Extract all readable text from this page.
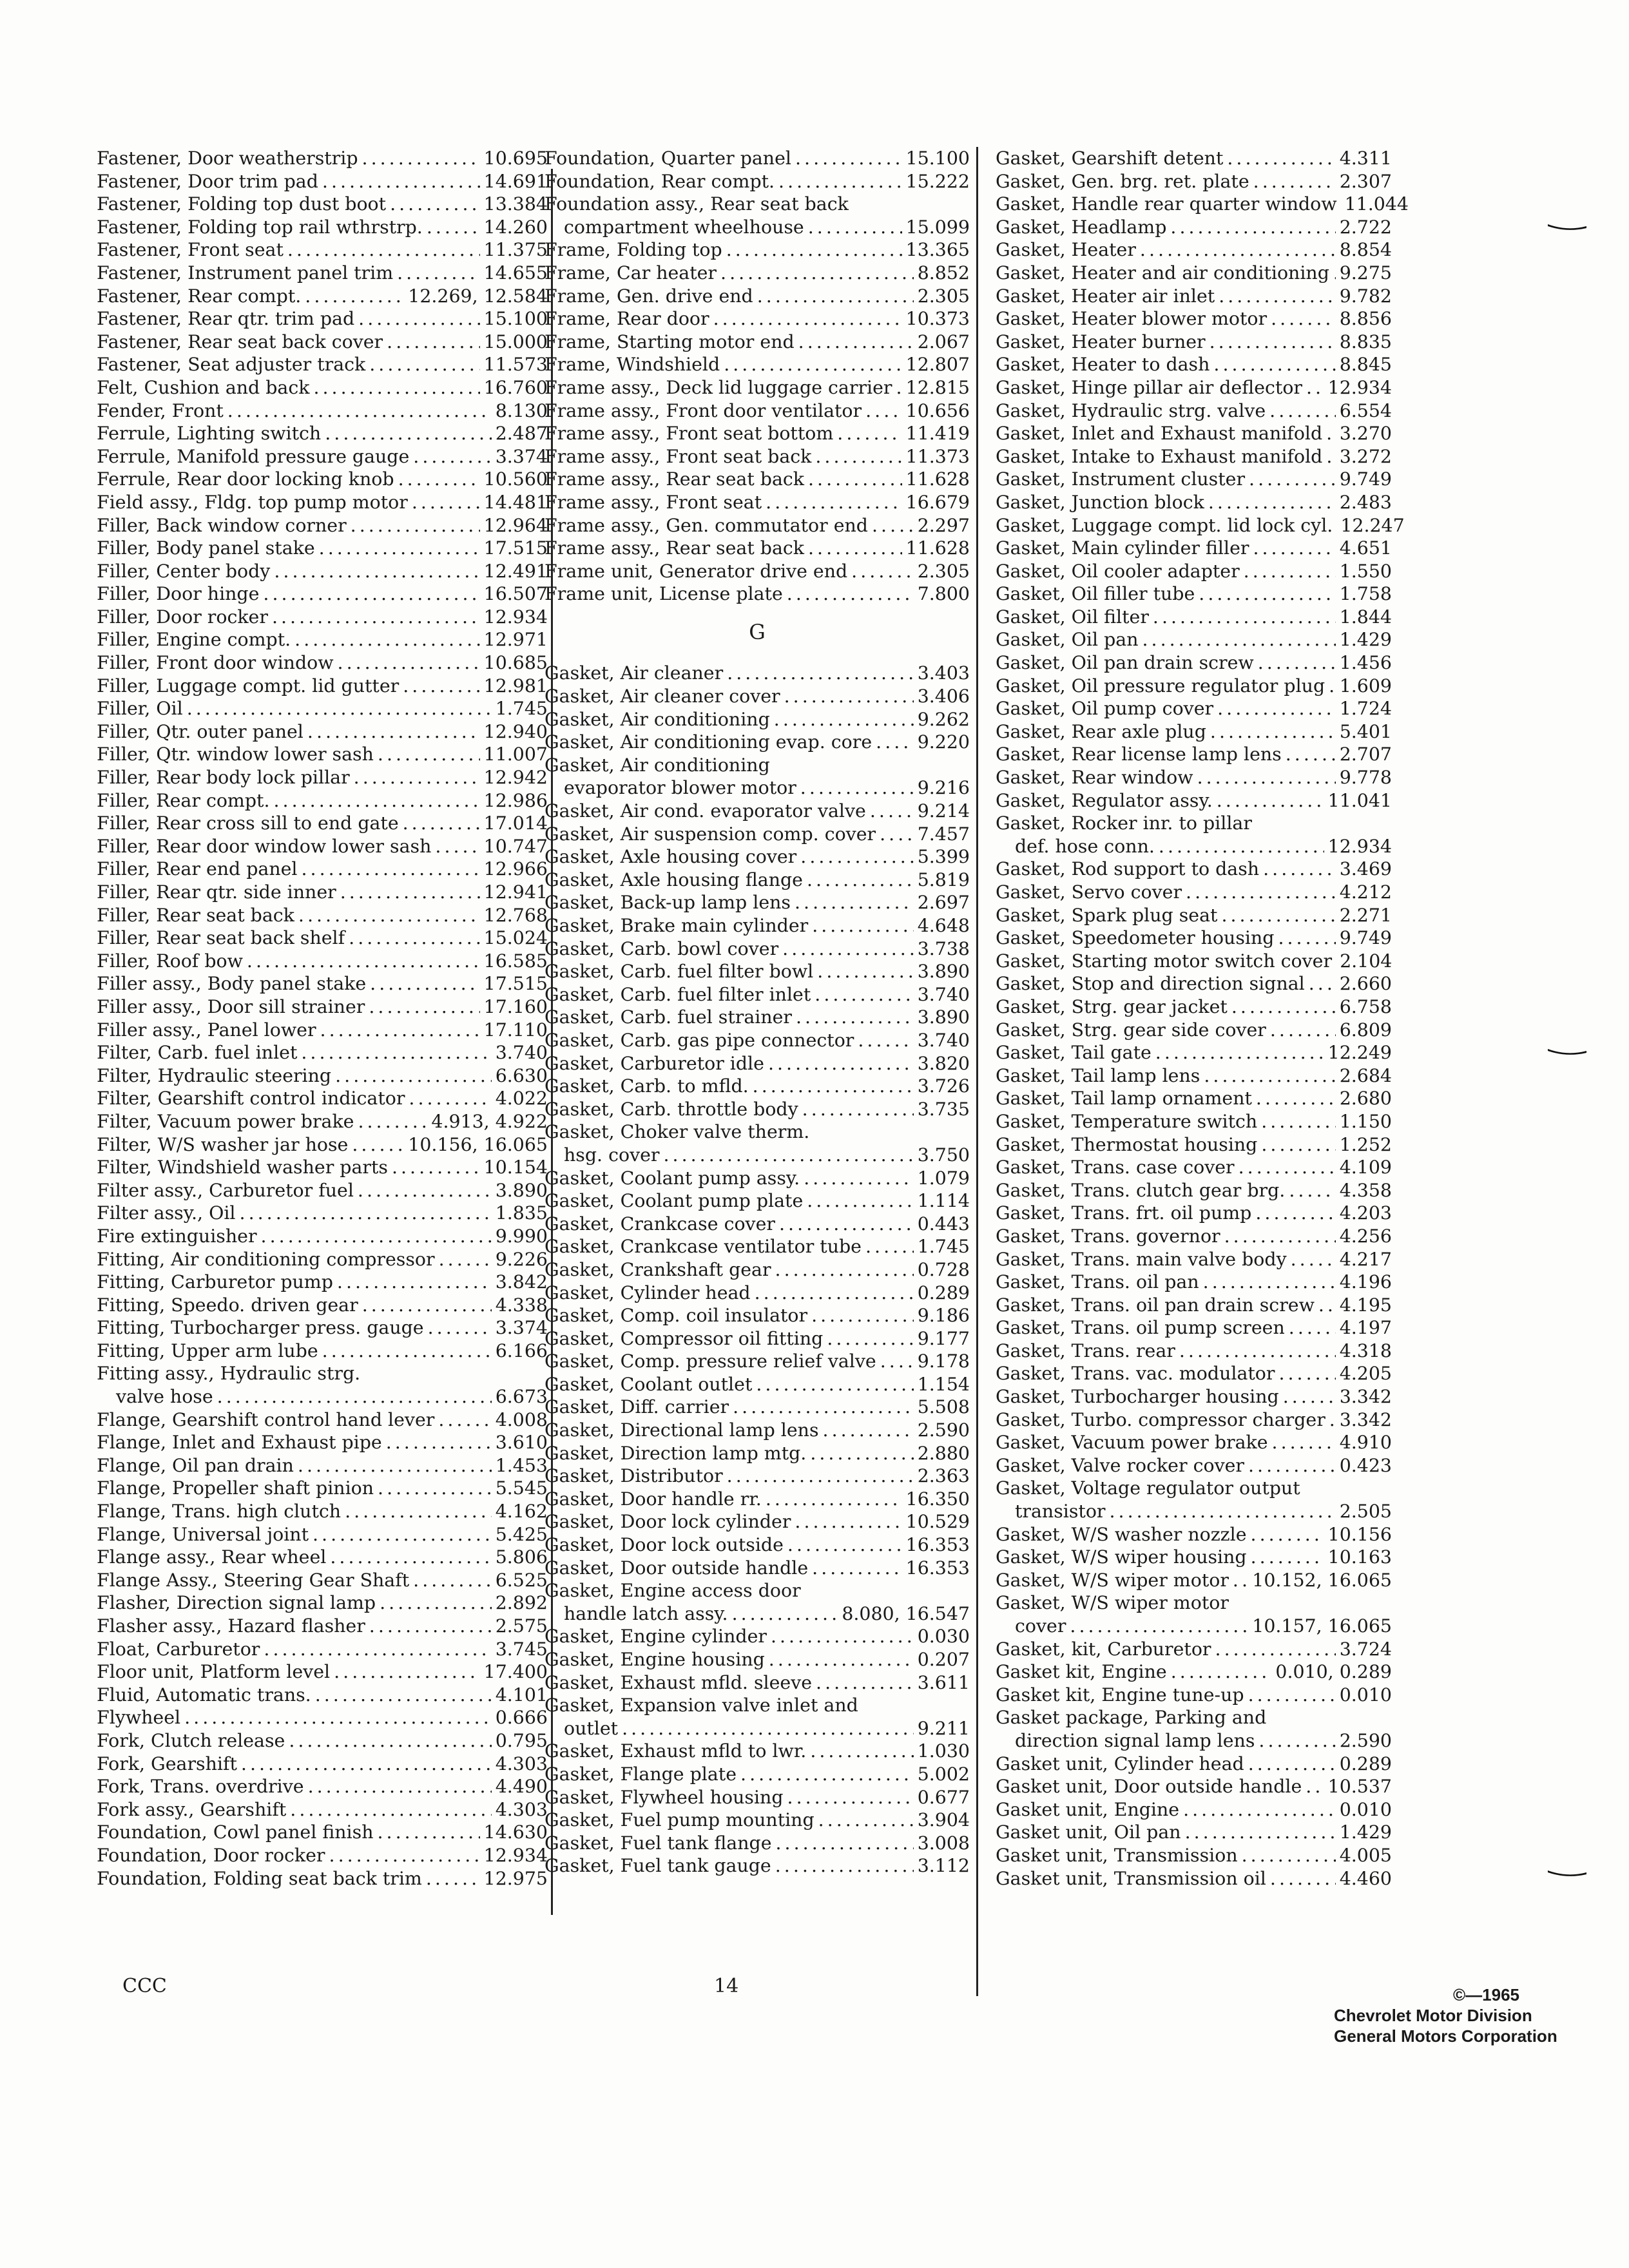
Fastener, Door weatherstrip . . .	10.695
Fastener, Door trim pad . . .	14.691
Fastener, Folding top dust boot . . .	13.384
Fastener, Folding top rail wthrstrp. . . .	14.260
Fastener, Front seat . . .	11.375
Fastener, Instrument panel trim . . .	14.655
Fastener, Rear compt. . . .	12.269, 12.584
Fastener, Rear qtr. trim pad . . .	15.100
Fastener, Rear seat back cover . . .	15.000
Fastener, Seat adjuster track . . .	11.573
Felt, Cushion and back . . .	16.760
Fender, Front . . .	8.130
Ferrule, Lighting switch . . .	2.487
Ferrule, Manifold pressure gauge . . .	3.374
Ferrule, Rear door locking knob . . .	10.560
Field assy., Fldg. top pump motor . . .	14.481
Filler, Back window corner . . .	12.964
Filler, Body panel stake . . .	17.515
Filler, Center body . . .	12.491
Filler, Door hinge . . .	16.507
Filler, Door rocker . . .	12.934
Filler, Engine compt. . . .	12.971
Filler, Front door window . . .	10.685
Filler, Luggage compt. lid gutter . . .	12.981
Filler, Oil . . .	1.745
Filler, Qtr. outer panel . . .	12.940
Filler, Qtr. window lower sash . . .	11.007
Filler, Rear body lock pillar . . .	12.942
Filler, Rear compt. . . .	12.986
Filler, Rear cross sill to end gate . . .	17.014
Filler, Rear door window lower sash . . .	10.747
Filler, Rear end panel . . .	12.966
Filler, Rear qtr. side inner . . .	12.941
Filler, Rear seat back . . .	12.768
Filler, Rear seat back shelf . . .	15.024
Filler, Roof bow . . .	16.585
Filler assy., Body panel stake . . .	17.515
Filler assy., Door sill strainer . . .	17.160
Filler assy., Panel lower . . .	17.110
Filter, Carb. fuel inlet . . .	3.740
Filter, Hydraulic steering . . .	6.630
Filter, Gearshift control indicator . . .	4.022
Filter, Vacuum power brake . . .	4.913, 4.922
Filter, W/S washer jar hose . . .	10.156, 16.065
Filter, Windshield washer parts . . .	10.154
Filter assy., Carburetor fuel . . .	3.890
Filter assy., Oil . . .	1.835
Fire extinguisher . . .	9.990
Fitting, Air conditioning compressor . . .	9.226
Fitting, Carburetor pump . . .	3.842
Fitting, Speedo. driven gear . . .	4.338
Fitting, Turbocharger press. gauge . . .	3.374
Fitting, Upper arm lube . . .	6.166
Fitting assy., Hydraulic strg.
valve hose . . .	6.673
Flange, Gearshift control hand lever . . .	4.008
Flange, Inlet and Exhaust pipe . . .	3.610
Flange, Oil pan drain . . .	1.453
Flange, Propeller shaft pinion . . .	5.545
Flange, Trans. high clutch . . .	4.162
Flange, Universal joint . . .	5.425
Flange assy., Rear wheel . . .	5.806
Flange Assy., Steering Gear Shaft . . .	6.525
Flasher, Direction signal lamp . . .	2.892
Flasher assy., Hazard flasher . . .	2.575
Float, Carburetor . . .	3.745
Floor unit, Platform level . . .	17.400
Fluid, Automatic trans. . . .	4.101
Flywheel . . .	0.666
Fork, Clutch release . . .	0.795
Fork, Gearshift . . .	4.303
Fork, Trans. overdrive . . .	4.490
Fork assy., Gearshift . . .	4.303
Foundation, Cowl panel finish . . .	14.630
Foundation, Door rocker . . .	12.934
Foundation, Folding seat back trim . . .	12.975
Foundation, Quarter panel . . .	15.100
Foundation, Rear compt. . . .	15.222
Foundation assy., Rear seat back
compartment wheelhouse . . .	15.099
Frame, Folding top . . .	13.365
Frame, Car heater . . .	8.852
Frame, Gen. drive end . . .	2.305
Frame, Rear door . . .	10.373
Frame, Starting motor end . . .	2.067
Frame, Windshield . . .	12.807
Frame assy., Deck lid luggage carrier . . . 12.815
Frame assy., Front door ventilator . . . 10.656
Frame assy., Front seat bottom . . .	11.419
Frame assy., Front seat back . . .	11.373
Frame assy., Rear seat back . . .	11.628
Frame assy., Front seat . . .	16.679
Frame assy., Gen. commutator end . . .	2.297
Frame assy., Rear seat back . . .	11.628
Frame unit, Generator drive end . . .	2.305
Frame unit, License plate . . .	7.800
G
Gasket, Air cleaner . . .	3.403
Gasket, Air cleaner cover . . .	3.406
Gasket, Air conditioning . . .	9.262
Gasket, Air conditioning evap. core . . . 9.220
Gasket, Air conditioning
evaporator blower motor . . .	9.216
Gasket, Air cond. evaporator valve . . .	9.214
Gasket, Air suspension comp. cover . . . 7.457
Gasket, Axle housing cover . . .	5.399
Gasket, Axle housing flange . . .	5.819
Gasket, Back-up lamp lens . . .	2.697
Gasket, Brake main cylinder . . .	4.648
Gasket, Carb. bowl cover . . .	3.738
Gasket, Carb. fuel filter bowl . . .	3.890
Gasket, Carb. fuel filter inlet . . .	3.740
Gasket, Carb. fuel strainer . . .	3.890
Gasket, Carb. gas pipe connector . . .	3.740
Gasket, Carburetor idle . . .	3.820
Gasket, Carb. to mfld. . . .	3.726
Gasket, Carb. throttle body . . .	3.735
Gasket, Choker valve therm.
hsg. cover . . .	3.750
Gasket, Coolant pump assy. . . .	1.079
Gasket, Coolant pump plate . . .	1.114
Gasket, Crankcase cover . . .	0.443
Gasket, Crankcase ventilator tube . . .	1.745
Gasket, Crankshaft gear . . .	0.728
Gasket, Cylinder head . . .	0.289
Gasket, Comp. coil insulator . . .	9.186
Gasket, Compressor oil fitting . . .	9.177
Gasket, Comp. pressure relief valve . . . 9.178
Gasket, Coolant outlet . . .	1.154
Gasket, Diff. carrier . . .	5.508
Gasket, Directional lamp lens . . .	2.590
Gasket, Direction lamp mtg. . . .	2.880
Gasket, Distributor . . .	2.363
Gasket, Door handle rr. . . .	16.350
Gasket, Door lock cylinder . . .	10.529
Gasket, Door lock outside . . .	16.353
Gasket, Door outside handle . . .	16.353
Gasket, Engine access door
handle latch assy. . . .	8.080, 16.547
Gasket, Engine cylinder . . .	0.030
Gasket, Engine housing . . .	0.207
Gasket, Exhaust mfld. sleeve . . .	3.611
Gasket, Expansion valve inlet and
outlet . . .	9.211
Gasket, Exhaust mfld to lwr. . . .	1.030
Gasket, Flange plate . . .	5.002
Gasket, Flywheel housing . . .	0.677
Gasket, Fuel pump mounting . . .	3.904
Gasket, Fuel tank flange . . .	3.008
Gasket, Fuel tank gauge . . .	3.112
Gasket, Gearshift detent . . .	4.311
Gasket, Gen. brg. ret. plate . . .	2.307
Gasket, Handle rear quarter window 11.044
Gasket, Headlamp . . .	2.722
Gasket, Heater . . .	8.854
Gasket, Heater and air conditioning . . . 9.275
Gasket, Heater air inlet . . .	9.782
Gasket, Heater blower motor . . .	8.856
Gasket, Heater burner . . .	8.835
Gasket, Heater to dash . . .	8.845
Gasket, Hinge pillar air deflector . . . 12.934
Gasket, Hydraulic strg. valve . . .	6.554
Gasket, Inlet and Exhaust manifold . . . 3.270
Gasket, Intake to Exhaust manifold . . . 3.272
Gasket, Instrument cluster . . .	9.749
Gasket, Junction block . . .	2.483
Gasket, Luggage compt. lid lock cyl. 12.247
Gasket, Main cylinder filler . . .	4.651
Gasket, Oil cooler adapter . . .	1.550
Gasket, Oil filler tube . . .	1.758
Gasket, Oil filter . . .	1.844
Gasket, Oil pan . . .	1.429
Gasket, Oil pan drain screw . . .	1.456
Gasket, Oil pressure regulator plug . . . 1.609
Gasket, Oil pump cover . . .	1.724
Gasket, Rear axle plug . . .	5.401
Gasket, Rear license lamp lens . . .	2.707
Gasket, Rear window . . .	9.778
Gasket, Regulator assy. . . .	11.041
Gasket, Rocker inr. to pillar
def. hose conn. . . .	12.934
Gasket, Rod support to dash . . .	3.469
Gasket, Servo cover . . .	4.212
Gasket, Spark plug seat . . .	2.271
Gasket, Speedometer housing . . .	9.749
Gasket, Starting motor switch cover 2.104
Gasket, Stop and direction signal . . . 2.660
Gasket, Strg. gear jacket . . .	6.758
Gasket, Strg. gear side cover . . .	6.809
Gasket, Tail gate . . .	12.249
Gasket, Tail lamp lens . . .	2.684
Gasket, Tail lamp ornament . . .	2.680
Gasket, Temperature switch . . .	1.150
Gasket, Thermostat housing . . .	1.252
Gasket, Trans. case cover . . .	4.109
Gasket, Trans. clutch gear brg. . . .	4.358
Gasket, Trans. frt. oil pump . . .	4.203
Gasket, Trans. governor . . .	4.256
Gasket, Trans. main valve body . . .	4.217
Gasket, Trans. oil pan . . .	4.196
Gasket, Trans. oil pan drain screw . . . 4.195
Gasket, Trans. oil pump screen . . .	4.197
Gasket, Trans. rear . . .	4.318
Gasket, Trans. vac. modulator . . .	4.205
Gasket, Turbocharger housing . . .	3.342
Gasket, Turbo. compressor charger . . . 3.342
Gasket, Vacuum power brake . . .	4.910
Gasket, Valve rocker cover . . .	0.423
Gasket, Voltage regulator output
transistor . . .	2.505
Gasket, W/S washer nozzle . . .	10.156
Gasket, W/S wiper housing . . .	10.163
Gasket, W/S wiper motor . . . 10.152, 16.065
Gasket, W/S wiper motor
cover . . .	10.157, 16.065
Gasket, kit, Carburetor . . .	3.724
Gasket kit, Engine . . .	0.010, 0.289
Gasket kit, Engine tune-up . . .	0.010
Gasket package, Parking and
direction signal lamp lens . . .	2.590
Gasket unit, Cylinder head . . .	0.289
Gasket unit, Door outside handle . . . 10.537
Gasket unit, Engine . . .	0.010
Gasket unit, Oil pan . . .	1.429
Gasket unit, Transmission . . .	4.005
Gasket unit, Transmission oil . . .	4.460
CCC	14	©—1965
Chevrolet Motor Division
General Motors Corporation
